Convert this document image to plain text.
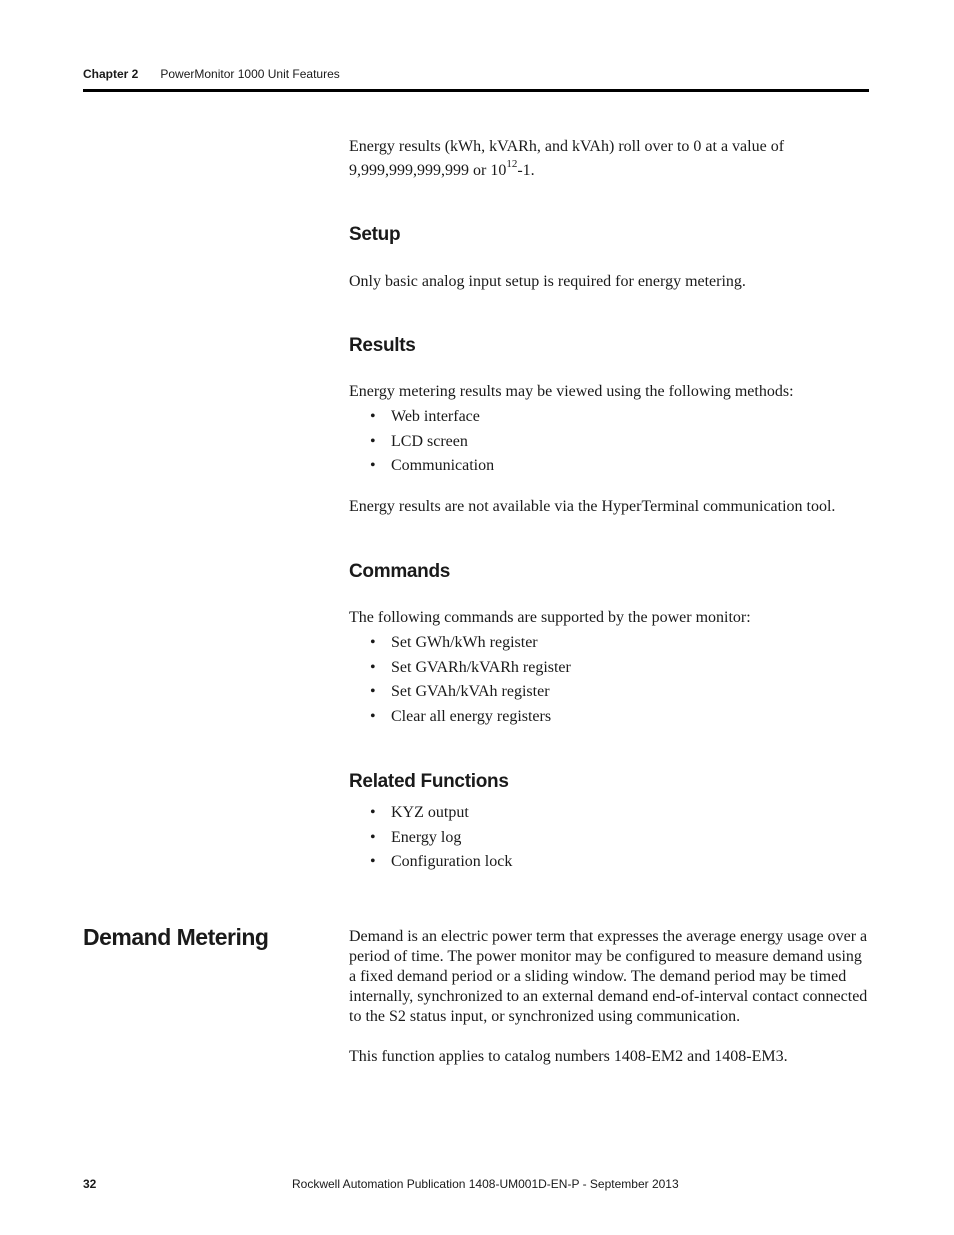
Chapter 2 PowerMonitor 1000 Unit Features

Energy results (kWh, kVARh, and kVAh) roll over to 0 at a value of 9,999,999,999,999 or $10^{12}-1$.

Setup

Only basic analog input setup is required for energy metering.

Results

Energy metering results may be viewed using the following methods:

• Web interface
• LCD screen
• Communication

Energy results are not available via the HyperTerminal communication tool.

Commands

The following commands are supported by the power monitor:

• Set GWh/kWh register
• Set GVARh/kVARh register
• Set GVAh/kVAh register
• Clear all energy registers
Related Functions
• KYZ output
• Energy log
• Configuration lock
Demand Metering	Demand is an electric power term that expresses the average energy usage over a period of time. The power monitor may be configured to measure demand using a fixed demand period or a sliding window. The demand period may be timed internally, synchronized to an external demand end-of-interval contact connected to the S2 status input, or synchronized using communication.

This function applies to catalog numbers 1408-EM2 and 1408-EM3.

32	Rockwell Automation Publication 1408-UM001D-EN-P - September 2013
